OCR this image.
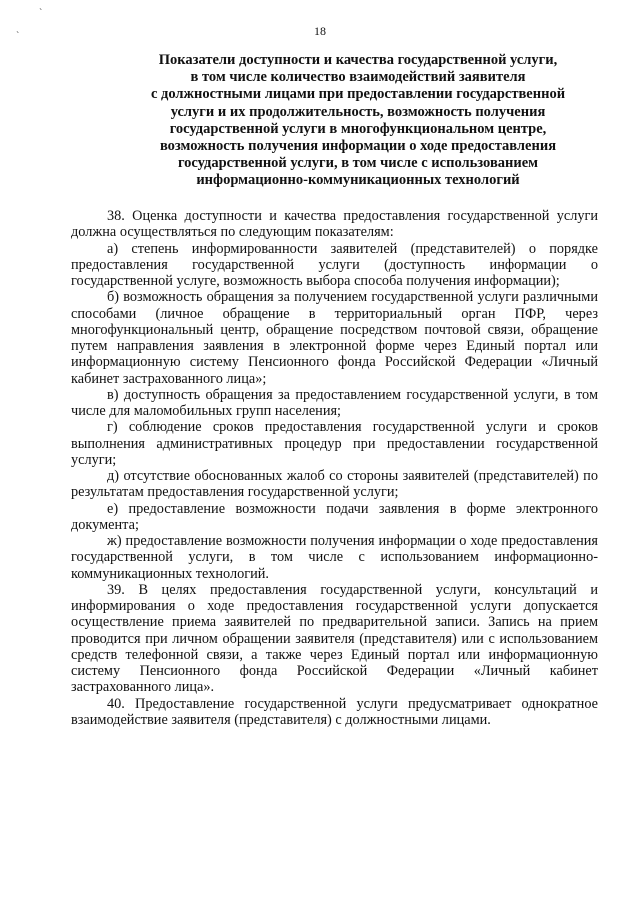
`
`	18
Показатели доступности и качества государственной услуги,
в том числе количество взаимодействий заявителя
с должностными лицами при предоставлении государственной
услуги и их продолжительность, возможность получения
государственной услуги в многофункциональном центре,
возможность получения информации о ходе предоставления
государственной услуги, в том числе с использованием
информационно-коммуникационных технологий

38. Оценка доступности и качества предоставления государственной услуги должна осуществляться по следующим показателям:

а) степень информированности заявителей (представителей) о порядке предоставления государственной услуги (доступность информации о государственной услуге, возможность выбора способа получения информации);

б) возможность обращения за получением государственной услуги различными способами (личное обращение в территориальный орган ПФР, через многофункциональный центр, обращение посредством почтовой связи, обращение путем направления заявления в электронной форме через Единый портал или информационную систему Пенсионного фонда Российской Федерации «Личный кабинет застрахованного лица»;

в) доступность обращения за предоставлением государственной услуги, в том числе для маломобильных групп населения;

г) соблюдение сроков предоставления государственной услуги и сроков выполнения административных процедур при предоставлении государственной услуги;

д) отсутствие обоснованных жалоб со стороны заявителей (представителей) по результатам предоставления государственной услуги;

е) предоставление возможности подачи заявления в форме электронного документа;

ж) предоставление возможности получения информации о ходе предоставления государственной услуги, в том числе с использованием информационно-коммуникационных технологий.

39. В целях предоставления государственной услуги, консультаций и информирования о ходе предоставления государственной услуги допускается осуществление приема заявителей по предварительной записи. Запись на прием проводится при личном обращении заявителя (представителя) или с использованием средств телефонной связи, а также через Единый портал или информационную систему Пенсионного фонда Российской Федерации «Личный кабинет застрахованного лица».

40. Предоставление государственной услуги предусматривает однократное взаимодействие заявителя (представителя) с должностными лицами.
